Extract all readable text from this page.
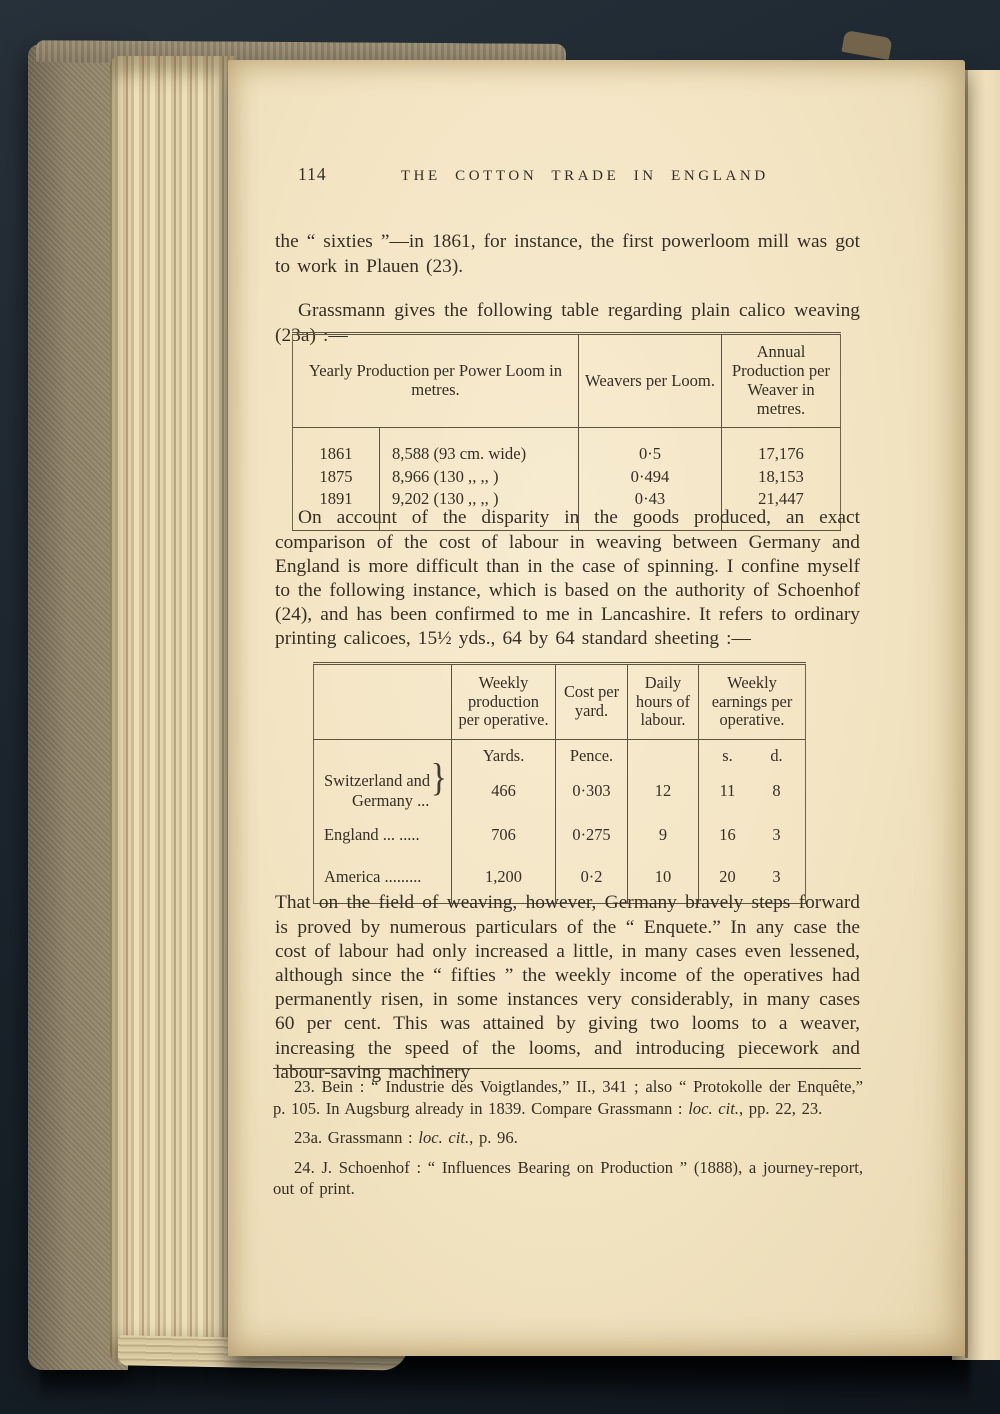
114	THE COTTON TRADE IN ENGLAND

the “ sixties ”—in 1861, for instance, the first powerloom mill was got to work in Plauen (23).

Grassmann gives the following table regarding plain calico weaving (23a) :—

Yearly Production per Power Loom in metres.		Weavers per Loom.	Annual Production per Weaver in metres.
1861	8,588 (93 cm. wide)	0·5	17,176
1875	8,966 (130 ,, ,, )	0·494	18,153
1891	9,202 (130 ,, ,, )	0·43	21,447

On account of the disparity in the goods produced, an exact comparison of the cost of labour in weaving between Germany and England is more difficult than in the case of spinning. I confine myself to the following instance, which is based on the authority of Schoenhof (24), and has been confirmed to me in Lancashire. It refers to ordinary printing calicoes, 15½ yds., 64 by 64 standard sheeting :—

	Weekly production per operative.	Cost per yard.	Daily hours of labour.	Weekly earnings per operative.
	Yards.	Pence.		s. d.

Switzerland and
Germany ...
}	466	0·303	12	11 8

England ... .....	706	0·275	9	16 3

America .........	1,200	0·2	10	20 3

That on the field of weaving, however, Germany bravely steps forward is proved by numerous particulars of the “ Enquete.” In any case the cost of labour had only increased a little, in many cases even lessened, although since the “ fifties ” the weekly income of the operatives had permanently risen, in some instances very considerably, in many cases 60 per cent. This was attained by giving two looms to a weaver, increasing the speed of the looms, and introducing piecework and labour-saving machinery

23. Bein : “ Industrie des Voigtlandes,” II., 341 ; also “ Protokolle der Enquête,” p. 105. In Augsburg already in 1839. Compare Grassmann : loc. cit., pp. 22, 23.

23a. Grassmann : loc. cit., p. 96.

24. J. Schoenhof : “ Influences Bearing on Production ” (1888), a journey-report, out of print.
